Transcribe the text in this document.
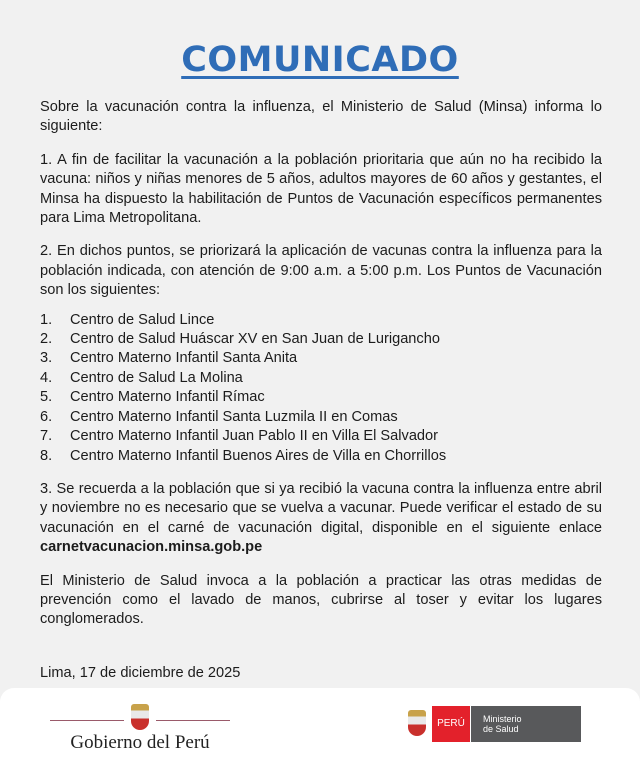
COMUNICADO

Sobre la vacunación contra la influenza, el Ministerio de Salud (Minsa) informa lo siguiente:

1. A fin de facilitar la vacunación a la población prioritaria que aún no ha recibido la vacuna: niños y niñas menores de 5 años, adultos mayores de 60 años y gestantes, el Minsa ha dispuesto la habilitación de Puntos de Vacunación específicos permanentes para Lima Metropolitana.

2. En dichos puntos, se priorizará la aplicación de vacunas contra la influenza para la población indicada, con atención de 9:00 a.m. a 5:00 p.m. Los Puntos de Vacunación son los siguientes:

1.	Centro de Salud Lince
2.	Centro de Salud Huáscar XV en San Juan de Lurigancho
3.	Centro Materno Infantil Santa Anita
4.	Centro de Salud La Molina
5.	Centro Materno Infantil Rímac
6.	Centro Materno Infantil Santa Luzmila II en Comas
7.	Centro Materno Infantil Juan Pablo II en Villa El Salvador
8.	Centro Materno Infantil Buenos Aires de Villa en Chorrillos

3. Se recuerda a la población que si ya recibió la vacuna contra la influenza entre abril y noviembre no es necesario que se vuelva a vacunar. Puede verificar el estado de su vacunación en el carné de vacunación digital, disponible en el siguiente enlace carnetvacunacion.minsa.gob.pe

El Ministerio de Salud invoca a la población a practicar las otras medidas de prevención como el lavado de manos, cubrirse al toser y evitar los lugares conglomerados.

Lima, 17 de diciembre de 2025

Gobierno del Perú
PERÚ	Ministerio
de Salud
